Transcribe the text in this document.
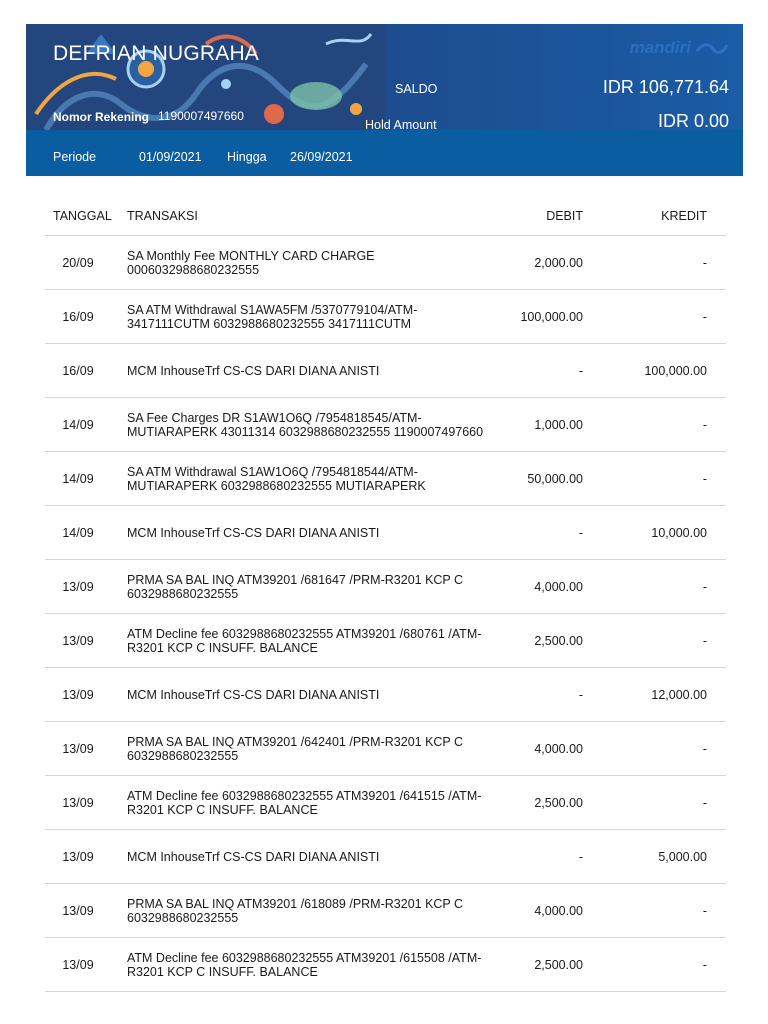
DEFRIAN NUGRAHA
Nomor Rekening 1190007497660
mandiri
SALDO	IDR 106,771.64
Hold Amount	IDR 0.00
Periode	01/09/2021 Hingga 26/09/2021
TANGGAL TRANSAKSI	DEBIT	KREDIT
20/09	SA Monthly Fee MONTHLY CARD CHARGE 0006032988680232555	2,000.00	-
16/09	SA ATM Withdrawal S1AWA5FM /5370779104/ATM-3417111CUTM 6032988680232555 3417111CUTM	100,000.00	-
16/09	MCM InhouseTrf CS-CS DARI DIANA ANISTI	-	100,000.00
14/09	SA Fee Charges DR S1AW1O6Q /7954818545/ATM-MUTIARAPERK 43011314 6032988680232555 1190007497660	1,000.00	-
14/09	SA ATM Withdrawal S1AW1O6Q /7954818544/ATM-MUTIARAPERK 6032988680232555 MUTIARAPERK	50,000.00	-
14/09	MCM InhouseTrf CS-CS DARI DIANA ANISTI	-	10,000.00
13/09	PRMA SA BAL INQ ATM39201 /681647 /PRM-R3201 KCP C 6032988680232555	4,000.00	-
13/09	ATM Decline fee 6032988680232555 ATM39201 /680761 /ATM-R3201 KCP C INSUFF. BALANCE	2,500.00	-
13/09	MCM InhouseTrf CS-CS DARI DIANA ANISTI	-	12,000.00
13/09	PRMA SA BAL INQ ATM39201 /642401 /PRM-R3201 KCP C 6032988680232555	4,000.00	-
13/09	ATM Decline fee 6032988680232555 ATM39201 /641515 /ATM-R3201 KCP C INSUFF. BALANCE	2,500.00	-
13/09	MCM InhouseTrf CS-CS DARI DIANA ANISTI	-	5,000.00
13/09	PRMA SA BAL INQ ATM39201 /618089 /PRM-R3201 KCP C 6032988680232555	4,000.00	-
13/09	ATM Decline fee 6032988680232555 ATM39201 /615508 /ATM-R3201 KCP C INSUFF. BALANCE	2,500.00	-
